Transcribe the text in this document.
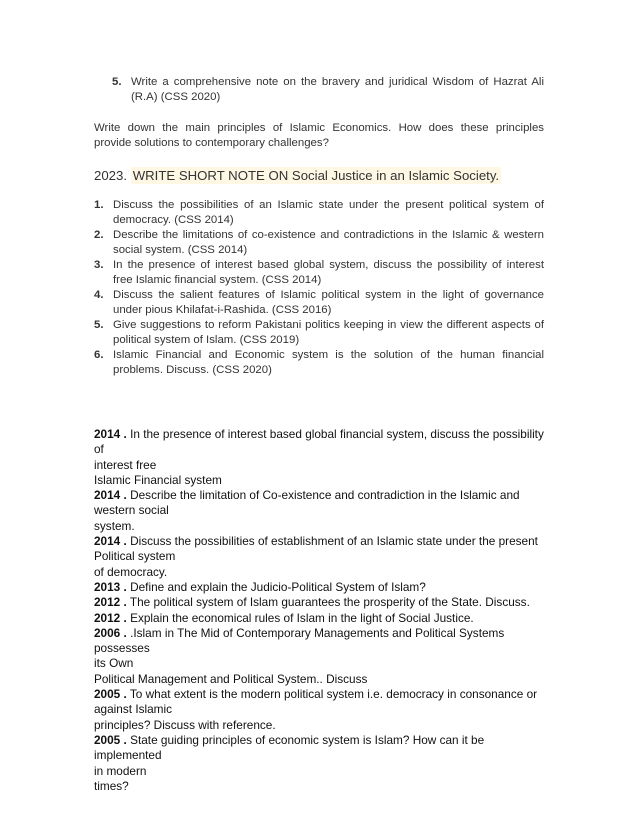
5. Write a comprehensive note on the bravery and juridical Wisdom of Hazrat Ali
(R.A) (CSS 2020)
Write down the main principles of Islamic Economics. How does these principles
provide solutions to contemporary challenges?
2023. WRITE SHORT NOTE ON Social Justice in an Islamic Society.
1. Discuss the possibilities of an Islamic state under the present political system of
democracy. (CSS 2014)
2. Describe the limitations of co-existence and contradictions in the Islamic & western
social system. (CSS 2014)
3. In the presence of interest based global system, discuss the possibility of interest
free Islamic financial system. (CSS 2014)
4. Discuss the salient features of Islamic political system in the light of governance
under pious Khilafat-i-Rashida. (CSS 2016)
5. Give suggestions to reform Pakistani politics keeping in view the different aspects of
political system of Islam. (CSS 2019)
6. Islamic Financial and Economic system is the solution of the human financial
problems. Discuss. (CSS 2020)

2014 . In the presence of interest based global financial system, discuss the possibility of

interest free

Islamic Financial system

2014 . Describe the limitation of Co-existence and contradiction in the Islamic and

western social

system.

2014 . Discuss the possibilities of establishment of an Islamic state under the present

Political system

of democracy.

2013 . Define and explain the Judicio-Political System of Islam?

2012 . The political system of Islam guarantees the prosperity of the State. Discuss.

2012 . Explain the economical rules of Islam in the light of Social Justice.

2006 . .Islam in The Mid of Contemporary Managements and Political Systems possesses

its Own

Political Management and Political System.. Discuss

2005 . To what extent is the modern political system i.e. democracy in consonance or

against Islamic

principles? Discuss with reference.

2005 . State guiding principles of economic system is Islam? How can it be implemented

in modern

times?
